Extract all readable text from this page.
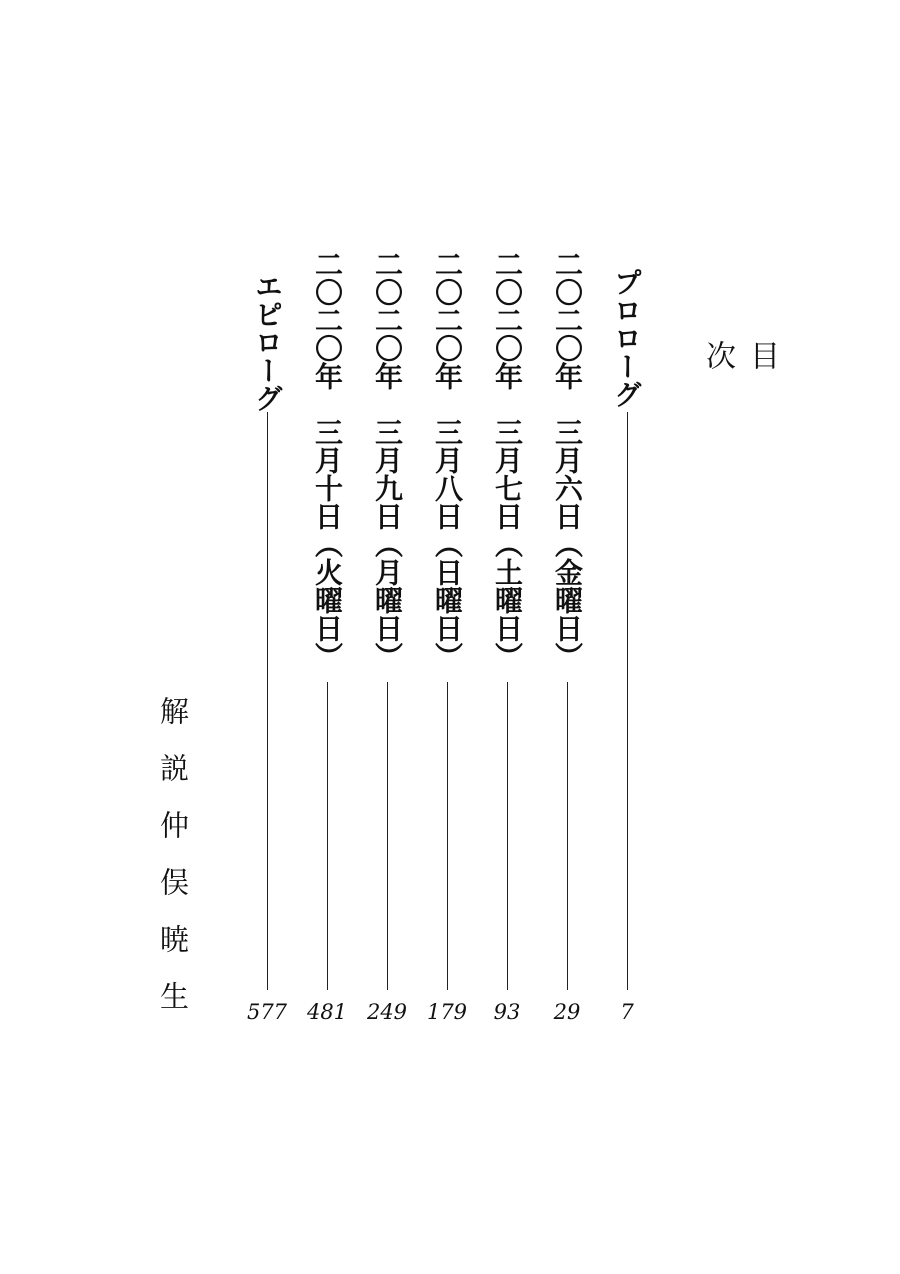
目
次
プロローグ
7
二〇二〇年　三月六日（金曜日）
29
二〇二〇年　三月七日（土曜日）
93
二〇二〇年　三月八日（日曜日）
179
二〇二〇年　三月九日（月曜日）
249
二〇二〇年　三月十日（火曜日）
481
エピローグ
577
解説仲俣暁生
